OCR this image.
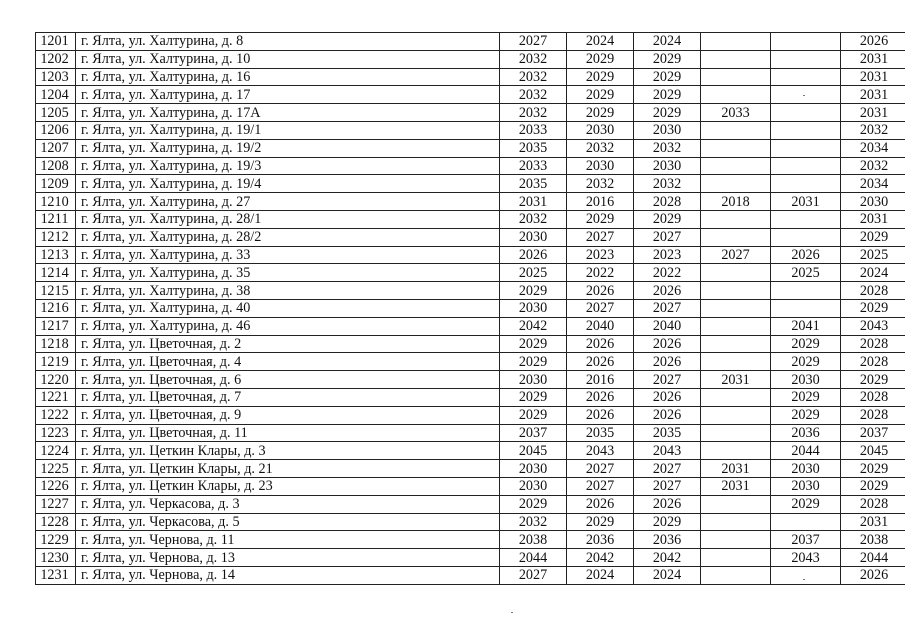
1201	г. Ялта, ул. Халтурина, д. 8	2027	2024	2024			2026
1202	г. Ялта, ул. Халтурина, д. 10	2032	2029	2029			2031
1203	г. Ялта, ул. Халтурина, д. 16	2032	2029	2029			2031
1204	г. Ялта, ул. Халтурина, д. 17	2032	2029	2029			2031
1205	г. Ялта, ул. Халтурина, д. 17А	2032	2029	2029	2033		2031
1206	г. Ялта, ул. Халтурина, д. 19/1	2033	2030	2030			2032
1207	г. Ялта, ул. Халтурина, д. 19/2	2035	2032	2032			2034
1208	г. Ялта, ул. Халтурина, д. 19/3	2033	2030	2030			2032
1209	г. Ялта, ул. Халтурина, д. 19/4	2035	2032	2032			2034
1210	г. Ялта, ул. Халтурина, д. 27	2031	2016	2028	2018	2031	2030
1211	г. Ялта, ул. Халтурина, д. 28/1	2032	2029	2029			2031
1212	г. Ялта, ул. Халтурина, д. 28/2	2030	2027	2027			2029
1213	г. Ялта, ул. Халтурина, д. 33	2026	2023	2023	2027	2026	2025
1214	г. Ялта, ул. Халтурина, д. 35	2025	2022	2022		2025	2024
1215	г. Ялта, ул. Халтурина, д. 38	2029	2026	2026			2028
1216	г. Ялта, ул. Халтурина, д. 40	2030	2027	2027			2029
1217	г. Ялта, ул. Халтурина, д. 46	2042	2040	2040		2041	2043
1218	г. Ялта, ул. Цветочная, д. 2	2029	2026	2026		2029	2028
1219	г. Ялта, ул. Цветочная, д. 4	2029	2026	2026		2029	2028
1220	г. Ялта, ул. Цветочная, д. 6	2030	2016	2027	2031	2030	2029
1221	г. Ялта, ул. Цветочная, д. 7	2029	2026	2026		2029	2028
1222	г. Ялта, ул. Цветочная, д. 9	2029	2026	2026		2029	2028
1223	г. Ялта, ул. Цветочная, д. 11	2037	2035	2035		2036	2037
1224	г. Ялта, ул. Цеткин Клары, д. 3	2045	2043	2043		2044	2045
1225	г. Ялта, ул. Цеткин Клары, д. 21	2030	2027	2027	2031	2030	2029
1226	г. Ялта, ул. Цеткин Клары, д. 23	2030	2027	2027	2031	2030	2029
1227	г. Ялта, ул. Черкасова, д. 3	2029	2026	2026		2029	2028
1228	г. Ялта, ул. Черкасова, д. 5	2032	2029	2029			2031
1229	г. Ялта, ул. Чернова, д. 11	2038	2036	2036		2037	2038
1230	г. Ялта, ул. Чернова, д. 13	2044	2042	2042		2043	2044
1231	г. Ялта, ул. Чернова, д. 14	2027	2024	2024			2026
